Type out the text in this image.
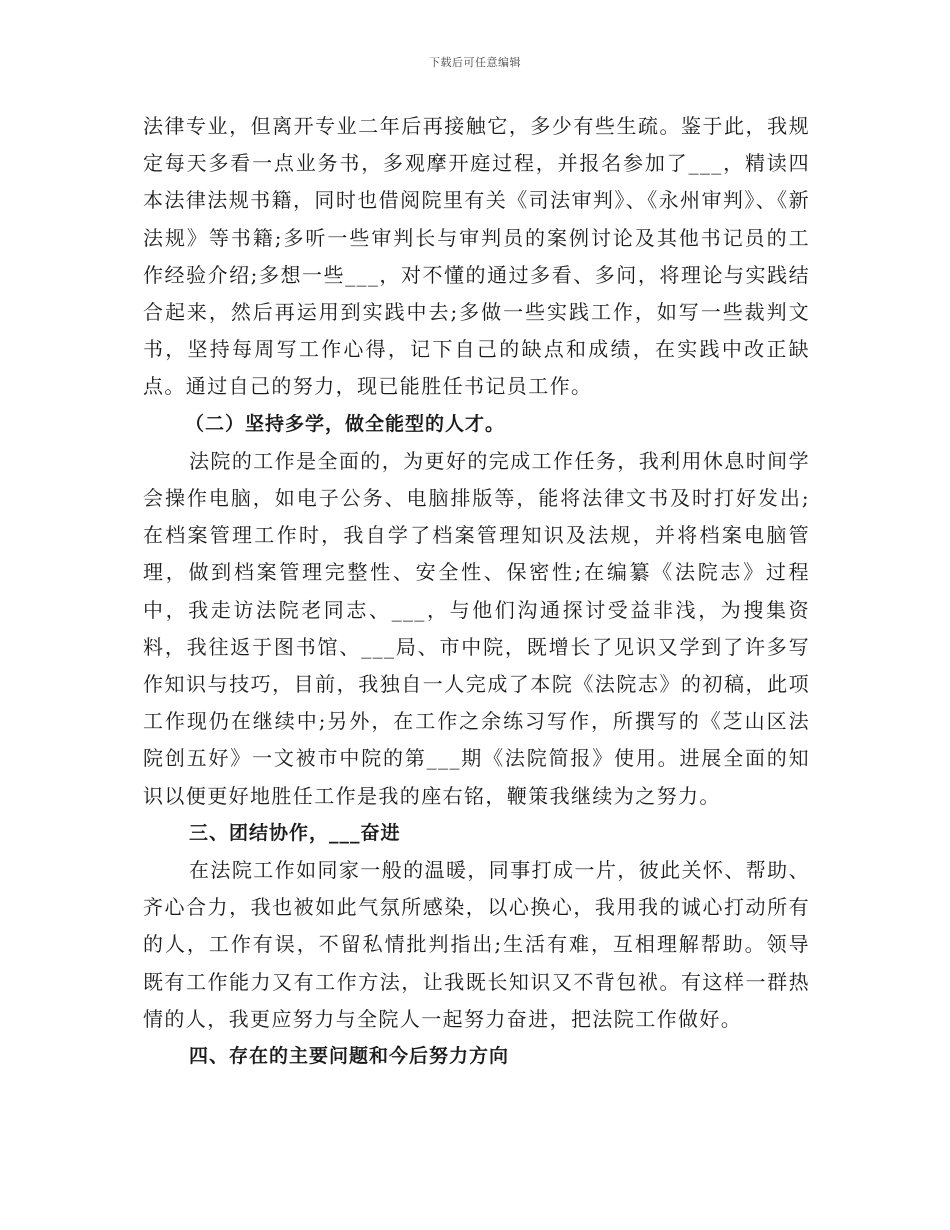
下载后可任意编辑

法律专业，但离开专业二年后再接触它，多少有些生疏。鉴于此，我规定每天多看一点业务书，多观摩开庭过程，并报名参加了___，精读四本法律法规书籍，同时也借阅院里有关《司法审判》、《永州审判》、《新法规》等书籍;多听一些审判长与审判员的案例讨论及其他书记员的工作经验介绍;多想一些___，对不懂的通过多看、多问，将理论与实践结合起来，然后再运用到实践中去;多做一些实践工作，如写一些裁判文书，坚持每周写工作心得，记下自己的缺点和成绩，在实践中改正缺点。通过自己的努力，现已能胜任书记员工作。

（二）坚持多学，做全能型的人才。

法院的工作是全面的，为更好的完成工作任务，我利用休息时间学会操作电脑，如电子公务、电脑排版等，能将法律文书及时打好发出;在档案管理工作时，我自学了档案管理知识及法规，并将档案电脑管理，做到档案管理完整性、安全性、保密性;在编纂《法院志》过程中，我走访法院老同志、___，与他们沟通探讨受益非浅，为搜集资料，我往返于图书馆、___局、市中院，既增长了见识又学到了许多写作知识与技巧，目前，我独自一人完成了本院《法院志》的初稿，此项工作现仍在继续中;另外，在工作之余练习写作，所撰写的《芝山区法院创五好》一文被市中院的第___期《法院简报》使用。进展全面的知识以便更好地胜任工作是我的座右铭，鞭策我继续为之努力。

三、团结协作，___奋进

在法院工作如同家一般的温暖，同事打成一片，彼此关怀、帮助、齐心合力，我也被如此气氛所感染，以心换心，我用我的诚心打动所有的人，工作有误，不留私情批判指出;生活有难，互相理解帮助。领导既有工作能力又有工作方法，让我既长知识又不背包袱。有这样一群热情的人，我更应努力与全院人一起努力奋进，把法院工作做好。

四、存在的主要问题和今后努力方向
